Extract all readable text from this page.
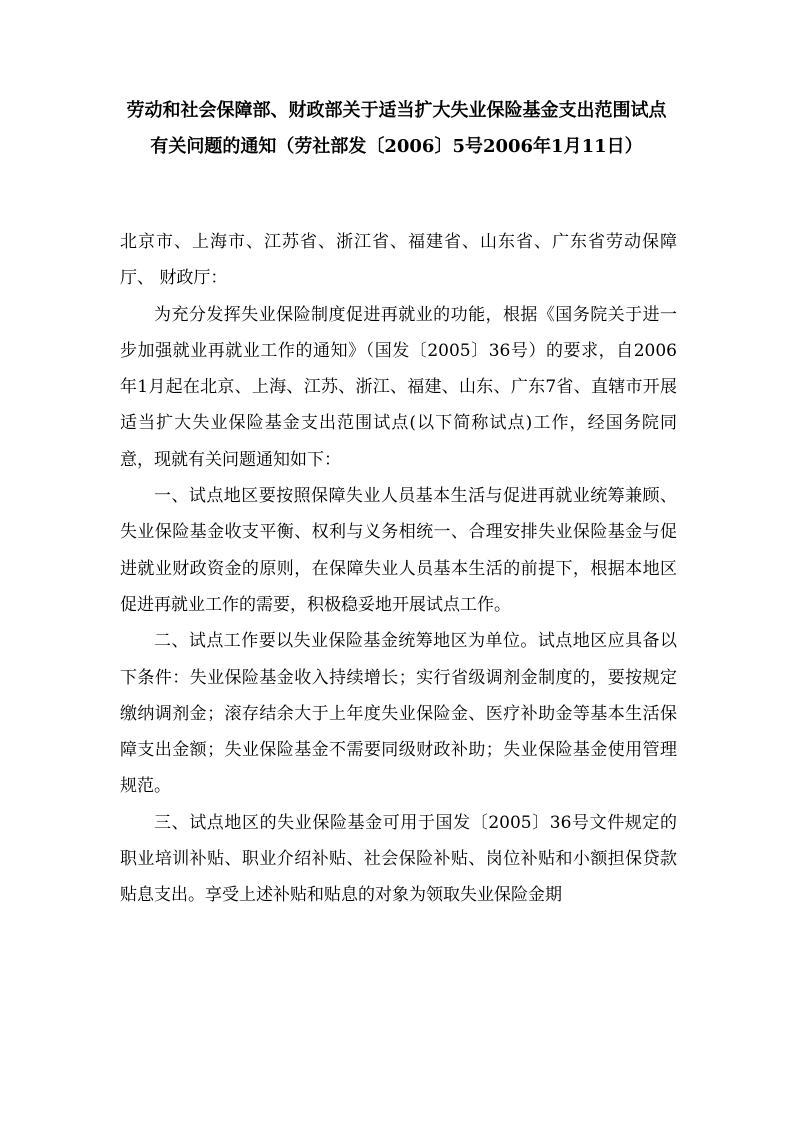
劳动和社会保障部、财政部关于适当扩大失业保险基金支出范围试点
有关问题的通知（劳社部发〔2006〕5号2006年1月11日）

北京市、上海市、江苏省、浙江省、福建省、山东省、广东省劳动保障厅、 财政厅：

为充分发挥失业保险制度促进再就业的功能，根据《国务院关于进一步加强就业再就业工作的通知》（国发〔2005〕36号）的要求，自2006年1月起在北京、上海、江苏、浙江、福建、山东、广东7省、直辖市开展适当扩大失业保险基金支出范围试点(以下简称试点)工作，经国务院同意，现就有关问题通知如下：

一、试点地区要按照保障失业人员基本生活与促进再就业统筹兼顾、失业保险基金收支平衡、权利与义务相统一、合理安排失业保险基金与促进就业财政资金的原则，在保障失业人员基本生活的前提下，根据本地区促进再就业工作的需要，积极稳妥地开展试点工作。

二、试点工作要以失业保险基金统筹地区为单位。试点地区应具备以下条件：失业保险基金收入持续增长；实行省级调剂金制度的，要按规定缴纳调剂金；滚存结余大于上年度失业保险金、医疗补助金等基本生活保障支出金额；失业保险基金不需要同级财政补助；失业保险基金使用管理规范。

三、试点地区的失业保险基金可用于国发〔2005〕36号文件规定的职业培训补贴、职业介绍补贴、社会保险补贴、岗位补贴和小额担保贷款贴息支出。享受上述补贴和贴息的对象为领取失业保险金期
